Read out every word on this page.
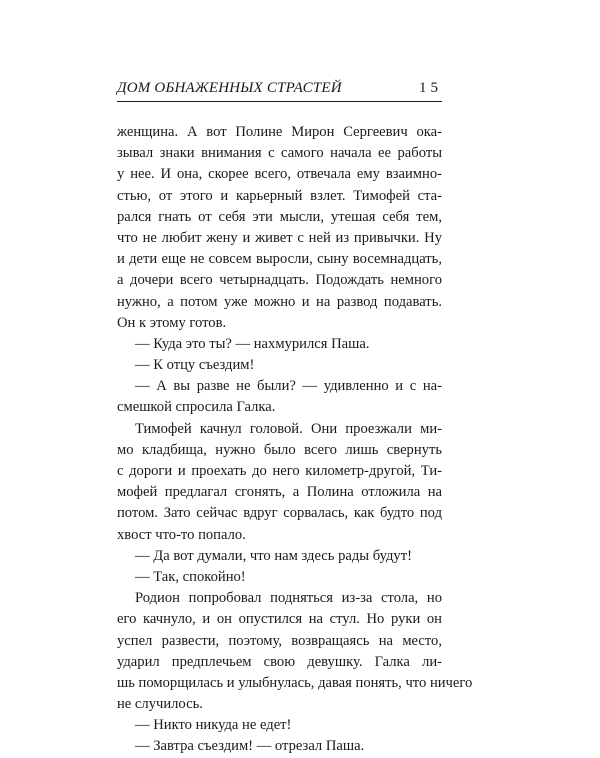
ДОМ ОБНАЖЕННЫХ СТРАСТЕЙ	15
женщина. А вот Полине Мирон Сергеевич ока-
зывал знаки внимания с самого начала ее работы
у нее. И она, скорее всего, отвечала ему взаимно-
стью, от этого и карьерный взлет. Тимофей ста-
рался гнать от себя эти мысли, утешая себя тем,
что не любит жену и живет с ней из привычки. Ну
и дети еще не совсем выросли, сыну восемнадцать,
а дочери всего четырнадцать. Подождать немного
нужно, а потом уже можно и на развод подавать.
Он к этому готов.
— Куда это ты? — нахмурился Паша.
— К отцу съездим!
— А вы разве не были? — удивленно и с на-
смешкой спросила Галка.
Тимофей качнул головой. Они проезжали ми-
мо кладбища, нужно было всего лишь свернуть
с дороги и проехать до него километр-другой, Ти-
мофей предлагал сгонять, а Полина отложила на
потом. Зато сейчас вдруг сорвалась, как будто под
хвост что-то попало.
— Да вот думали, что нам здесь рады будут!
— Так, спокойно!
Родион попробовал подняться из-за стола, но
его качнуло, и он опустился на стул. Но руки он
успел развести, поэтому, возвращаясь на место,
ударил предплечьем свою девушку. Галка ли-
шь поморщилась и улыбнулась, давая понять, что ничего
не случилось.
— Никто никуда не едет!
— Завтра съездим! — отрезал Паша.
